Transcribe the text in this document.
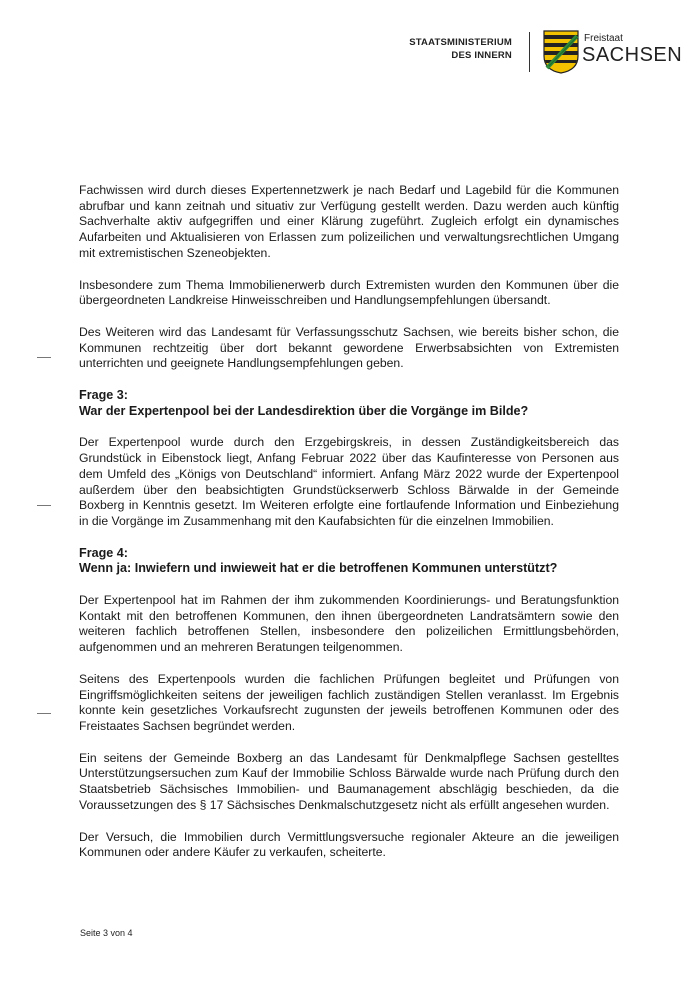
STAATSMINISTERIUM
DES INNERN
Freistaat
SACHSEN

Fachwissen wird durch dieses Expertennetzwerk je nach Bedarf und Lagebild für die Kommunen abrufbar und kann zeitnah und situativ zur Verfügung gestellt werden. Dazu werden auch künftig Sachverhalte aktiv aufgegriffen und einer Klärung zugeführt. Zugleich erfolgt ein dynamisches Aufarbeiten und Aktualisieren von Erlassen zum polizeilichen und verwaltungsrechtlichen Umgang mit extremistischen Szeneobjekten.

Insbesondere zum Thema Immobilienerwerb durch Extremisten wurden den Kommunen über die übergeordneten Landkreise Hinweisschreiben und Handlungsempfehlungen übersandt.

Des Weiteren wird das Landesamt für Verfassungsschutz Sachsen, wie bereits bisher schon, die Kommunen rechtzeitig über dort bekannt gewordene Erwerbsabsichten von Extremisten unterrichten und geeignete Handlungsempfehlungen geben.

Frage 3:
War der Expertenpool bei der Landesdirektion über die Vorgänge im Bilde?

Der Expertenpool wurde durch den Erzgebirgskreis, in dessen Zuständigkeitsbereich das Grundstück in Eibenstock liegt, Anfang Februar 2022 über das Kaufinteresse von Personen aus dem Umfeld des „Königs von Deutschland“ informiert. Anfang März 2022 wurde der Expertenpool außerdem über den beabsichtigten Grundstückserwerb Schloss Bärwalde in der Gemeinde Boxberg in Kenntnis gesetzt. Im Weiteren erfolgte eine fortlaufende Information und Einbeziehung in die Vorgänge im Zusammenhang mit den Kaufabsichten für die einzelnen Immobilien.

Frage 4:
Wenn ja: Inwiefern und inwieweit hat er die betroffenen Kommunen unterstützt?

Der Expertenpool hat im Rahmen der ihm zukommenden Koordinierungs- und Beratungsfunktion Kontakt mit den betroffenen Kommunen, den ihnen übergeordneten Landratsämtern sowie den weiteren fachlich betroffenen Stellen, insbesondere den polizeilichen Ermittlungsbehörden, aufgenommen und an mehreren Beratungen teilgenommen.

Seitens des Expertenpools wurden die fachlichen Prüfungen begleitet und Prüfungen von Eingriffsmöglichkeiten seitens der jeweiligen fachlich zuständigen Stellen veranlasst. Im Ergebnis konnte kein gesetzliches Vorkaufsrecht zugunsten der jeweils betroffenen Kommunen oder des Freistaates Sachsen begründet werden.

Ein seitens der Gemeinde Boxberg an das Landesamt für Denkmalpflege Sachsen gestelltes Unterstützungsersuchen zum Kauf der Immobilie Schloss Bärwalde wurde nach Prüfung durch den Staatsbetrieb Sächsisches Immobilien- und Baumanagement abschlägig beschieden, da die Voraussetzungen des § 17 Sächsisches Denkmalschutzgesetz nicht als erfüllt angesehen wurden.

Der Versuch, die Immobilien durch Vermittlungsversuche regionaler Akteure an die jeweiligen Kommunen oder andere Käufer zu verkaufen, scheiterte.

Seite 3 von 4
